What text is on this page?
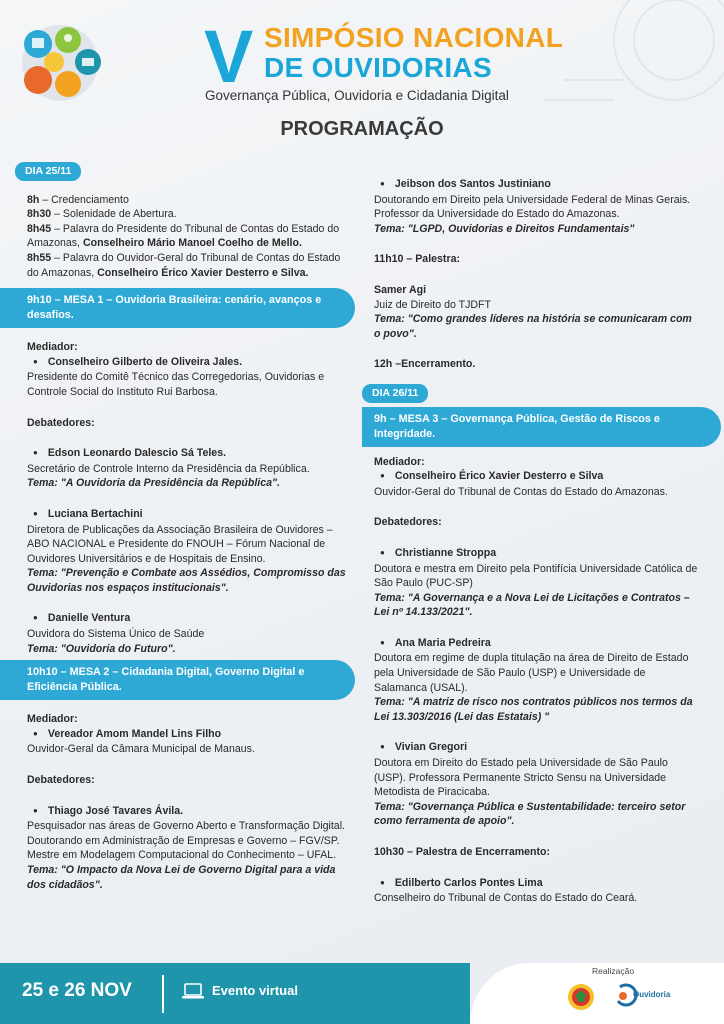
V SIMPÓSIO NACIONAL
DE OUVIDORIAS
Governança Pública, Ouvidoria e Cidadania Digital
PROGRAMAÇÃO
DIA 25/11
8h – Credenciamento
8h30 – Solenidade de Abertura.
8h45 – Palavra do Presidente do Tribunal de Contas do Estado do Amazonas, Conselheiro Mário Manoel Coelho de Mello.
8h55 – Palavra do Ouvidor-Geral do Tribunal de Contas do Estado do Amazonas, Conselheiro Érico Xavier Desterro e Silva.
9h10 – MESA 1 – Ouvidoria Brasileira: cenário, avanços e desafios.
Mediador:
● Conselheiro Gilberto de Oliveira Jales.
Presidente do Comitê Técnico das Corregedorias, Ouvidorias e Controle Social do Instituto Rui Barbosa.
Debatedores:
● Edson Leonardo Dalescio Sá Teles.
Secretário de Controle Interno da Presidência da República.
Tema: "A Ouvidoria da Presidência da República".
● Luciana Bertachini
Diretora de Publicações da Associação Brasileira de Ouvidores – ABO NACIONAL e Presidente do FNOUH – Fórum Nacional de Ouvidores Universitários e de Hospitais de Ensino.
Tema: "Prevenção e Combate aos Assédios, Compromisso das Ouvidorias nos espaços institucionais".
● Danielle Ventura
Ouvidora do Sistema Único de Saúde
Tema: "Ouvidoria do Futuro".
10h10 – MESA 2 – Cidadania Digital, Governo Digital e Eficiência Pública.
Mediador:
● Vereador Amom Mandel Lins Filho
Ouvidor-Geral da Câmara Municipal de Manaus.
Debatedores:
● Thiago José Tavares Ávila.
Pesquisador nas áreas de Governo Aberto e Transformação Digital. Doutorando em Administração de Empresas e Governo – FGV/SP. Mestre em Modelagem Computacional do Conhecimento – UFAL.
Tema: "O Impacto da Nova Lei de Governo Digital para a vida dos cidadãos".
● Jeibson dos Santos Justiniano
Doutorando em Direito pela Universidade Federal de Minas Gerais. Professor da Universidade do Estado do Amazonas.
Tema: "LGPD, Ouvidorias e Direitos Fundamentais"
11h10 – Palestra:
Samer Agi
Juiz de Direito do TJDFT
Tema: "Como grandes líderes na história se comunicaram com o povo".
12h –Encerramento.
DIA 26/11
9h – MESA 3 – Governança Pública, Gestão de Riscos e Integridade.
Mediador:
● Conselheiro Érico Xavier Desterro e Silva
Ouvidor-Geral do Tribunal de Contas do Estado do Amazonas.
Debatedores:
● Christianne Stroppa
Doutora e mestra em Direito pela Pontifícia Universidade Católica de São Paulo (PUC-SP)
Tema: "A Governança e a Nova Lei de Licitações e Contratos – Lei nº 14.133/2021".
● Ana Maria Pedreira
Doutora em regime de dupla titulação na área de Direito de Estado pela Universidade de São Paulo (USP) e Universidade de Salamanca (USAL).
Tema: "A matriz de risco nos contratos públicos nos termos da Lei 13.303/2016 (Lei das Estatais) "
● Vivian Gregori
Doutora em Direito do Estado pela Universidade de São Paulo (USP). Professora Permanente Stricto Sensu na Universidade Metodista de Piracicaba.
Tema: "Governança Pública e Sustentabilidade: terceiro setor como ferramenta de apoio".
10h30 – Palestra de Encerramento:
● Edilberto Carlos Pontes Lima
Conselheiro do Tribunal de Contas do Estado do Ceará.
25 e 26 NOV	Evento virtual
Realização
Ouvidoria
